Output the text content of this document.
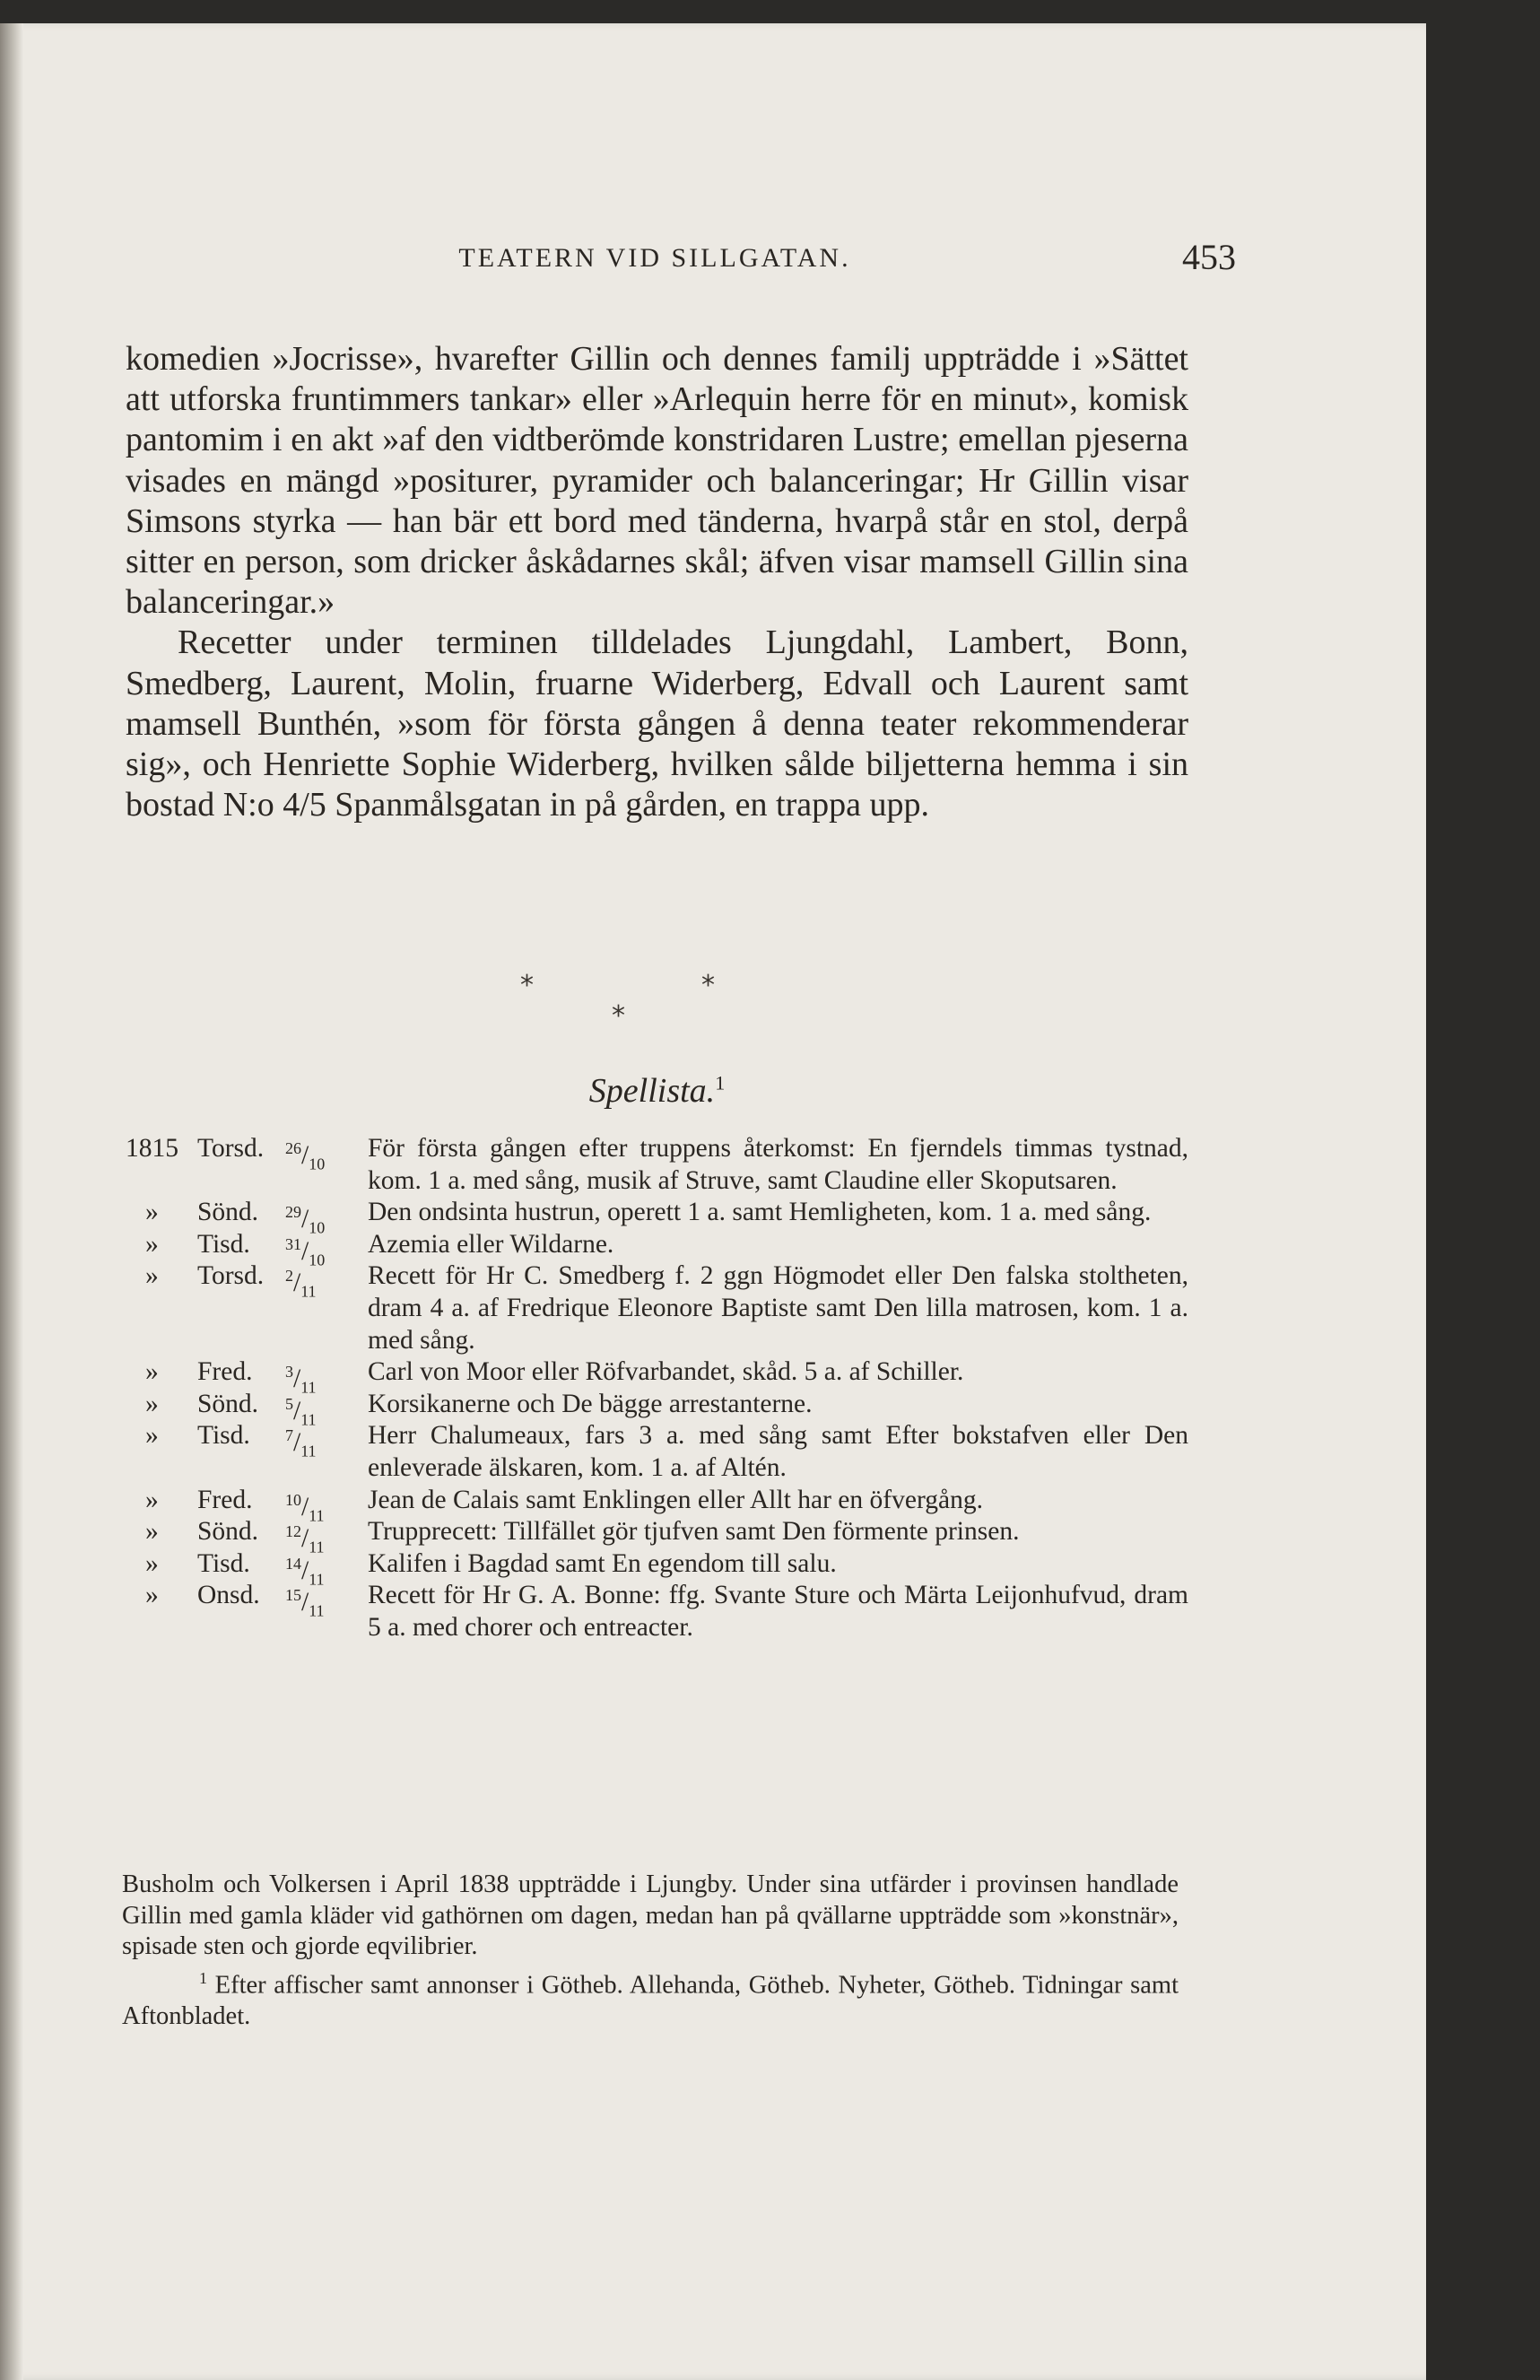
TEATERN VID SILLGATAN.	453

komedien »Jocrisse», hvarefter Gillin och dennes familj uppträdde i »Sättet att utforska fruntimmers tankar» eller »Arlequin herre för en minut», komisk pantomim i en akt »af den vidtberömde konstridaren Lustre; emellan pjeserna visades en mängd »positurer, pyramider och balanceringar; Hr Gillin visar Simsons styrka — han bär ett bord med tänderna, hvarpå står en stol, derpå sitter en person, som dricker åskådarnes skål; äfven visar mamsell Gillin sina balanceringar.»

Recetter under terminen tilldelades Ljungdahl, Lambert, Bonn, Smedberg, Laurent, Molin, fruarne Widerberg, Edvall och Laurent samt mamsell Bunthén, »som för första gången å denna teater rekommenderar sig», och Henriette Sophie Widerberg, hvilken sålde biljetterna hemma i sin bostad N:o 4/5 Spanmålsgatan in på gården, en trappa upp.

*	*
*
Spellista.$^1$
1815 Torsd. $^{26}/_{10}$
För första gången efter truppens återkomst: En fjerndels timmas tystnad, kom. 1 a. med sång, musik af Struve, samt Claudine eller Skoputsaren.
» Sönd. $^{29}/_{10}$
Den ondsinta hustrun, operett 1 a. samt Hemligheten, kom. 1 a. med sång.
» Tisd. $^{31}/_{10}$
Azemia eller Wildarne.
» Torsd. $^2/_{11}$
Recett för Hr C. Smedberg f. 2 ggn Högmodet eller Den falska stoltheten, dram 4 a. af Fredrique Eleonore Baptiste samt Den lilla matrosen, kom. 1 a. med sång.
» Fred. $^3/_{11}$
Carl von Moor eller Röfvarbandet, skåd. 5 a. af Schiller.
» Sönd. $^5/_{11}$
Korsikanerne och De bägge arrestanterne.
» Tisd. $^7/_{11}$
Herr Chalumeaux, fars 3 a. med sång samt Efter bokstafven eller Den enleverade älskaren, kom. 1 a. af Altén.
» Fred. $^{10}/_{11}$
Jean de Calais samt Enklingen eller Allt har en öfvergång.
» Sönd. $^{12}/_{11}$
Trupprecett: Tillfället gör tjufven samt Den förmente prinsen.
» Tisd. $^{14}/_{11}$
Kalifen i Bagdad samt En egendom till salu.
» Onsd. $^{15}/_{11}$
Recett för Hr G. A. Bonne: ffg. Svante Sture och Märta Leijonhufvud, dram 5 a. med chorer och entreacter.

Busholm och Volkersen i April 1838 uppträdde i Ljungby. Under sina utfärder i provinsen handlade Gillin med gamla kläder vid gathörnen om dagen, medan han på qvällarne uppträdde som »konstnär», spisade sten och gjorde eqvilibrier.

$^1$ Efter affischer samt annonser i Götheb. Allehanda, Götheb. Nyheter, Götheb. Tidningar samt Aftonbladet.
